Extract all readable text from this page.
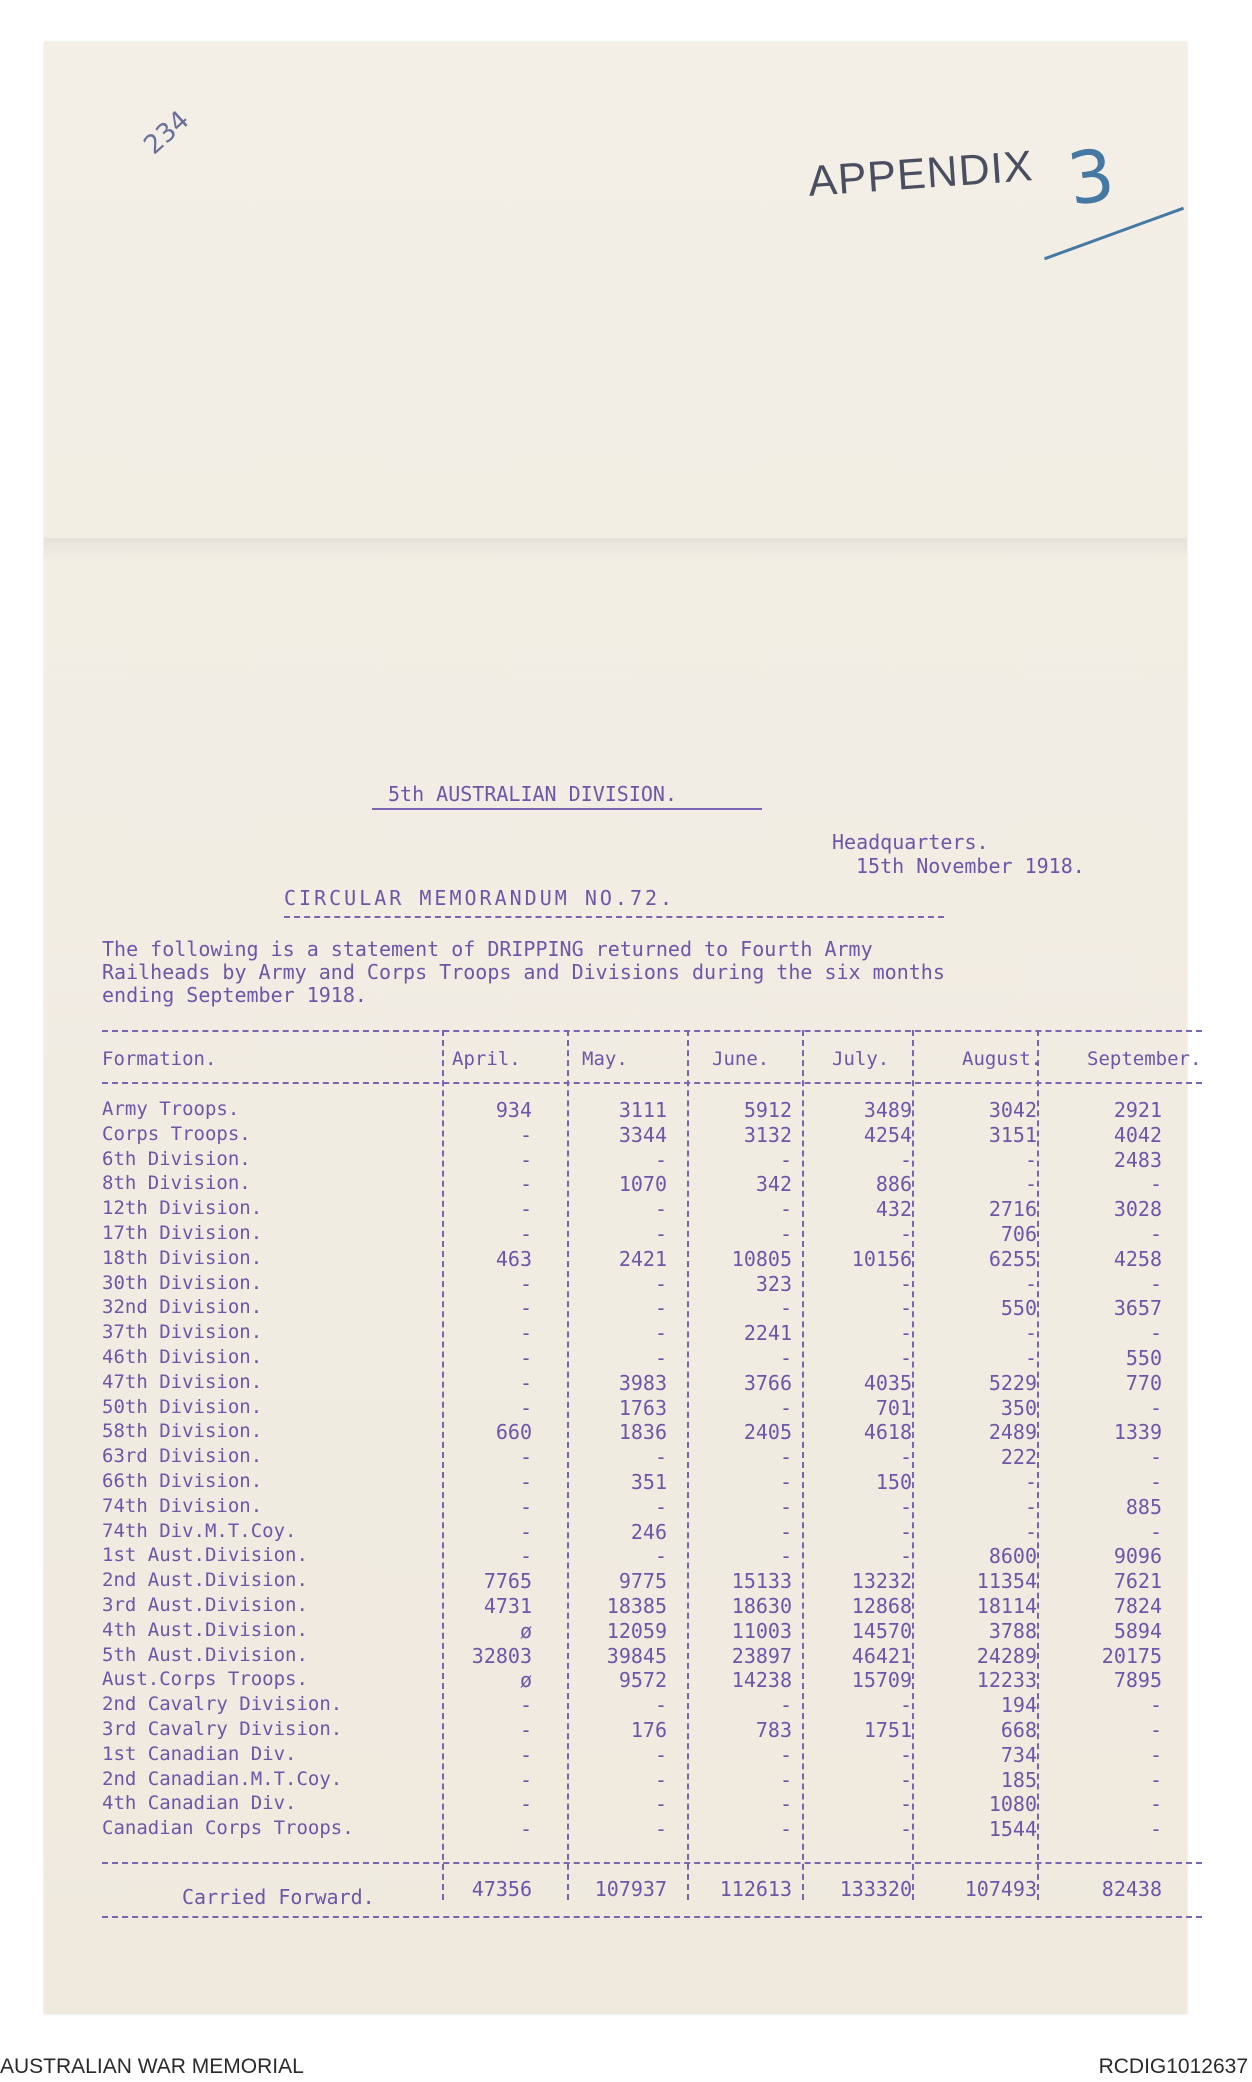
234
APPENDIX 3
5th AUSTRALIAN DIVISION.
Headquarters.
15th November 1918.
CIRCULAR MEMORANDUM NO.72.
The following is a statement of DRIPPING returned to Fourth Army
Railheads by Army and Corps Troops and Divisions during the six months
ending September 1918.
Formation.	April.	May.	June.	July.	August. September.
Army Troops.	934	3111	5912	3489	3042	2921
Corps Troops.	-	3344	3132	4254	3151	4042
6th Division.	-	-	-	-	-	2483
8th Division.	-	1070	342	886	-	-
12th Division.	-	-	-	432	2716	3028
17th Division.	-	-	-	-	706	-
18th Division.	463	2421	10805	10156	6255	4258
30th Division.	-	-	323	-	-	-
32nd Division.	-	-	-	-	550	3657
37th Division.	-	-	2241	-	-	-
46th Division.	-	-	-	-	-	550
47th Division.	-	3983	3766	4035	5229	770
50th Division.	-	1763	-	701	350	-
58th Division.	660	1836	2405	4618	2489	1339
63rd Division.	-	-	-	-	222	-
66th Division.	-	351	-	150	-	-
74th Division.	-	-	-	-	-	885
74th Div.M.T.Coy.	-	246	-	-	-	-
1st Aust.Division.	-	-	-	-	8600	9096
2nd Aust.Division.	7765	9775	15133	13232	11354	7621
3rd Aust.Division.	4731	18385	18630	12868	18114	7824
4th Aust.Division.	ø	12059	11003	14570	3788	5894
5th Aust.Division.	32803	39845	23897	46421	24289	20175
Aust.Corps Troops.	ø	9572	14238	15709	12233	7895
2nd Cavalry Division.	-	-	-	-	194	-
3rd Cavalry Division.	-	176	783	1751	668	-
1st Canadian Div.	-	-	-	-	734	-
2nd Canadian.M.T.Coy.	-	-	-	-	185	-
4th Canadian Div.	-	-	-	-	1080	-
Canadian Corps Troops.	-	-	-	-	1544	-
Carried Forward.	47356	107937	112613	133320	107493	82438
AUSTRALIAN WAR MEMORIAL	RCDIG1012637
